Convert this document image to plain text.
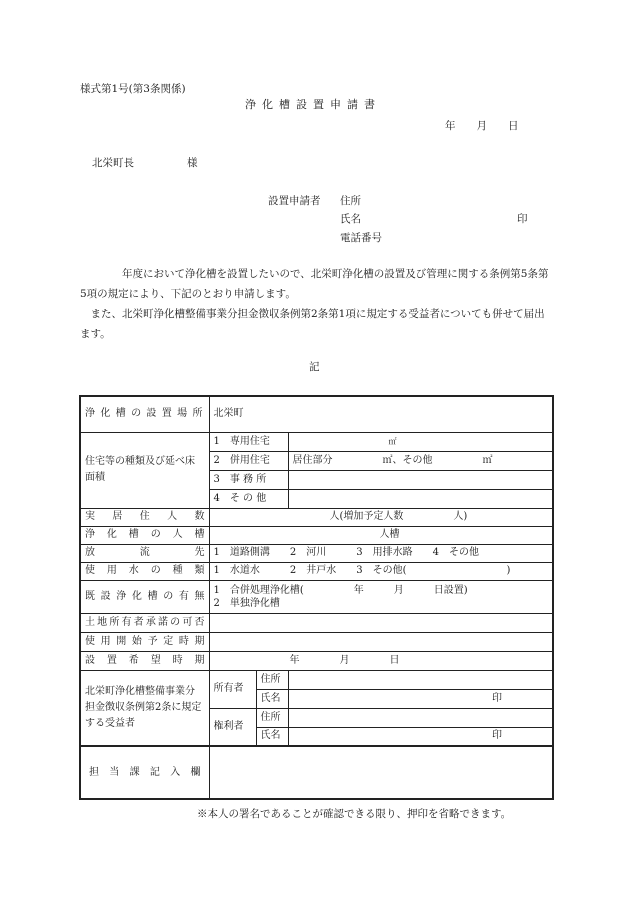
様式第1号(第3条関係)
浄化槽設置申請書
年　　月　　日
北栄町長	様
設置申請者 住所
氏名	印
電話番号
　　　　年度において浄化槽を設置したいので、北栄町浄化槽の設置及び管理に関する条例第5条第5項の規定により、下記のとおり申請します。
　また、北栄町浄化槽整備事業分担金徴収条例第2条第1項に規定する受益者についても併せて届出ます。
記
浄化槽の設置場所	北栄町		
住宅等の種類及び延べ床面積	1　専用住宅		㎡
	2　併用住宅		居住部分　　　　　㎡、その他　　　　　㎡
	3　事 務 所		
	4　そ の 他		
実居住人数	人(増加予定人数　　　　　人)		
浄化槽の人槽	人槽		
放流先	1　道路側溝　　2　河川　　　3　用排水路　　4　その他		
使用水の種類	1　水道水　　　2　井戸水　　3　その他(　　　　　　　　　　)		
既設浄化槽の有無	1　合併処理浄化槽(　　　　　年　　　月　　　日設置)
2　単独浄化槽		

土地所有者承諾の可否			
使用開始予定時期			
設置希望時期	年　　　　月　　　　日		
北栄町浄化槽整備事業分担金徴収条例第2条に規定する受益者	所有者	住所	
		氏名	印
	権利者	住所	
		氏名	印
担当課記入欄			
※本人の署名であることが確認できる限り、押印を省略できます。
